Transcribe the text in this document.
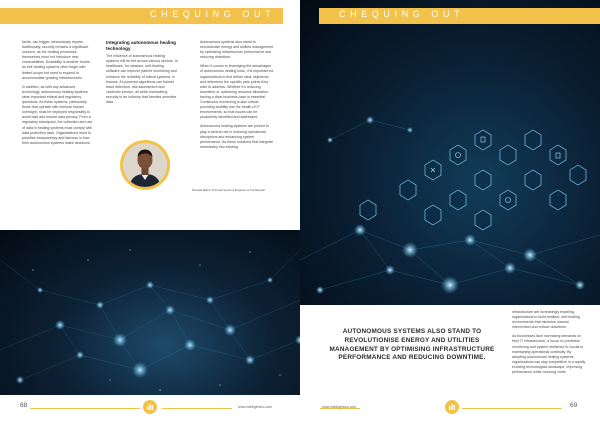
CHEQUING OUT

faults, can trigger unnecessary repairs. Additionally, security remains a significant concern, as the healing processes themselves must not introduce new vulnerabilities. Scalability is another hurdle, as self-healing systems often begin with limited scope but need to expand to accommodate growing infrastructures.

In addition, as with any advanced technology, autonomous healing systems raise important ethical and regulatory questions. As these systems, particularly those that operate with minimal human oversight, must be deployed responsibly to avoid bias and ensure data privacy. From a regulatory standpoint, the collection and use of data in healing systems must comply with data protection laws. Organisations need to prioritise transparency and fairness in how their autonomous systems make decisions.

Integrating autonomous healing technology

The influence of autonomous healing systems will be felt across various sectors. In healthcare, for instance, self-healing software can improve patient monitoring and enhance the reliability of critical systems. In finance, AI-powered algorithms can bolster fraud detection, risk assessment and customer service, all while maintaining security in an industry that handles sensitive data.

Mustafa Mahdi, Principal Systems Engineer at Confidential
68	www.intelligentcio.com
CHEQUING OUT
www.intelligentcio.com	69

Autonomous systems also stand to revolutionise energy and utilities management by optimising infrastructure performance and reducing downtime.

When it comes to leveraging the advantages of autonomous healing tools, it is important for organisations to first define clear objectives and determine the specific pain points they wish to address. Whether it's reducing downtime or optimising resource allocation, having a clear business case is essential. Continuous monitoring is also critical, providing visibility into the health of IT environments, so that issues can be proactively identified and addressed.

Autonomous healing systems are poised to play a central role in reducing operational disruptions and enhancing system performance. As these solutions that integrate seamlessly into existing

AUTONOMOUS SYSTEMS ALSO STAND TO REVOLUTIONISE ENERGY AND UTILITIES MANAGEMENT BY OPTIMISING INFRASTRUCTURE PERFORMANCE AND REDUCING DOWNTIME.

infrastructure are increasingly enabling organisations to build resilient, self-healing environments that minimise manual intervention and reduce downtime.

As businesses face increasing demands on their IT infrastructure, a focus on predictive monitoring and system resilience is crucial to maintaining operational continuity. By adopting autonomous healing systems, organisations can stay competitive in a rapidly evolving technological landscape, improving performance while reducing costs.
